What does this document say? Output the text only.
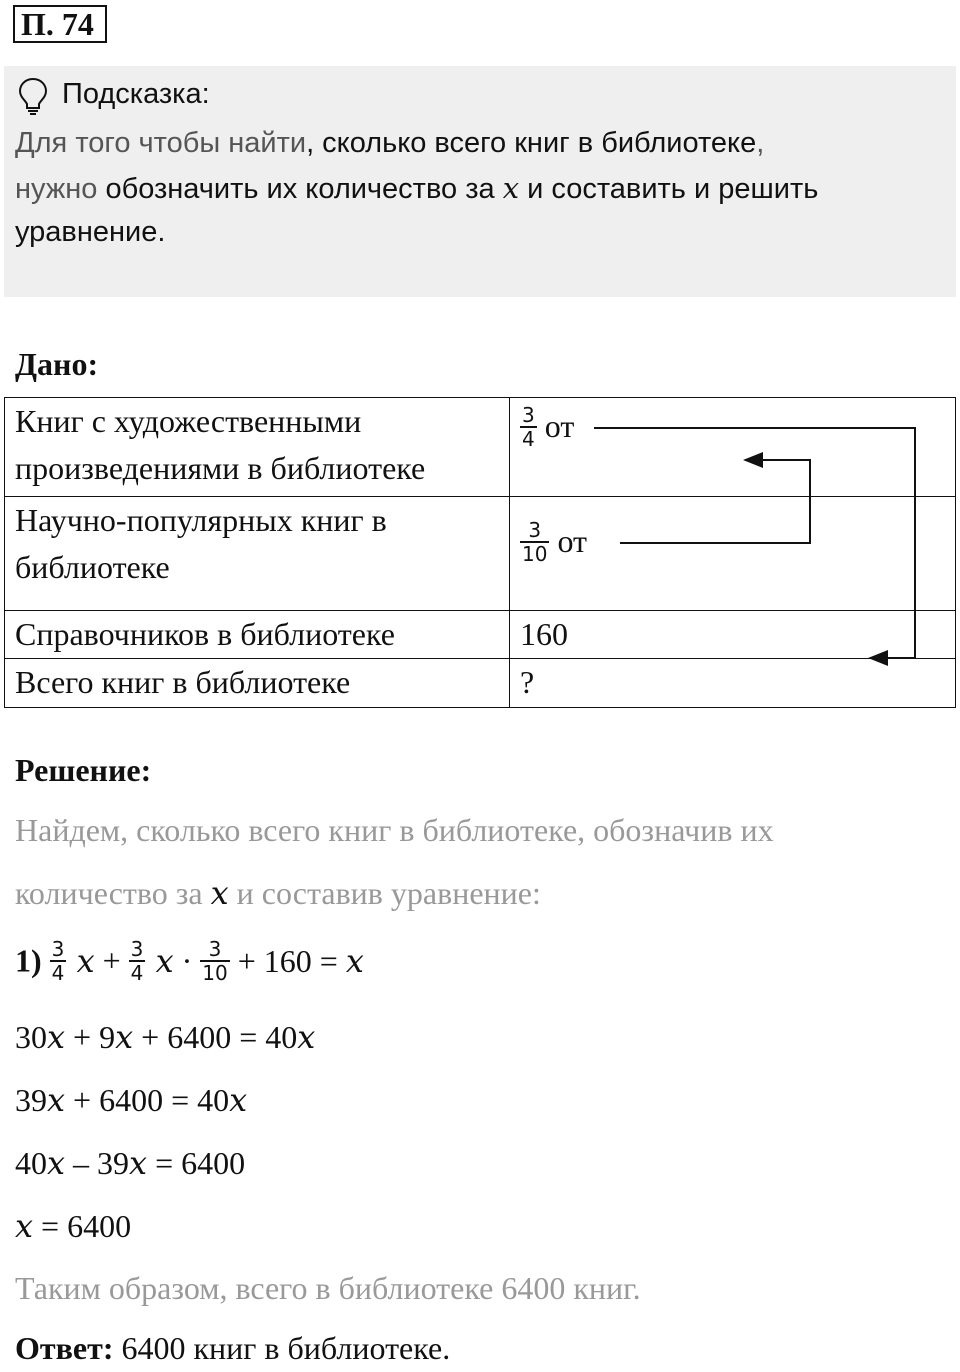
П. 74
Подсказка:
Для того чтобы найти, сколько всего книг в библиотеке,
нужно обозначить их количество за x и составить и решить
уравнение.
Дано:
Книг с художественными произведениями в библиотеке	$\frac{3}{4}$ от
Научно-популярных книг в библиотеке	$\frac{3}{10}$ от
Справочников в библиотеке	160
Всего книг в библиотеке	?
Решение:
Найдем, сколько всего книг в библиотеке, обозначив их
количество за x и составив уравнение:
$1) \frac{3}{4}$ $x + \frac{3}{4}$ $x \cdot \frac{3}{10} + 160 = x$
30x + 9x + 6400 = 40x
39x + 6400 = 40x
40x – 39x = 6400
x = 6400
Таким образом, всего в библиотеке 6400 книг.
Ответ: 6400 книг в библиотеке.
